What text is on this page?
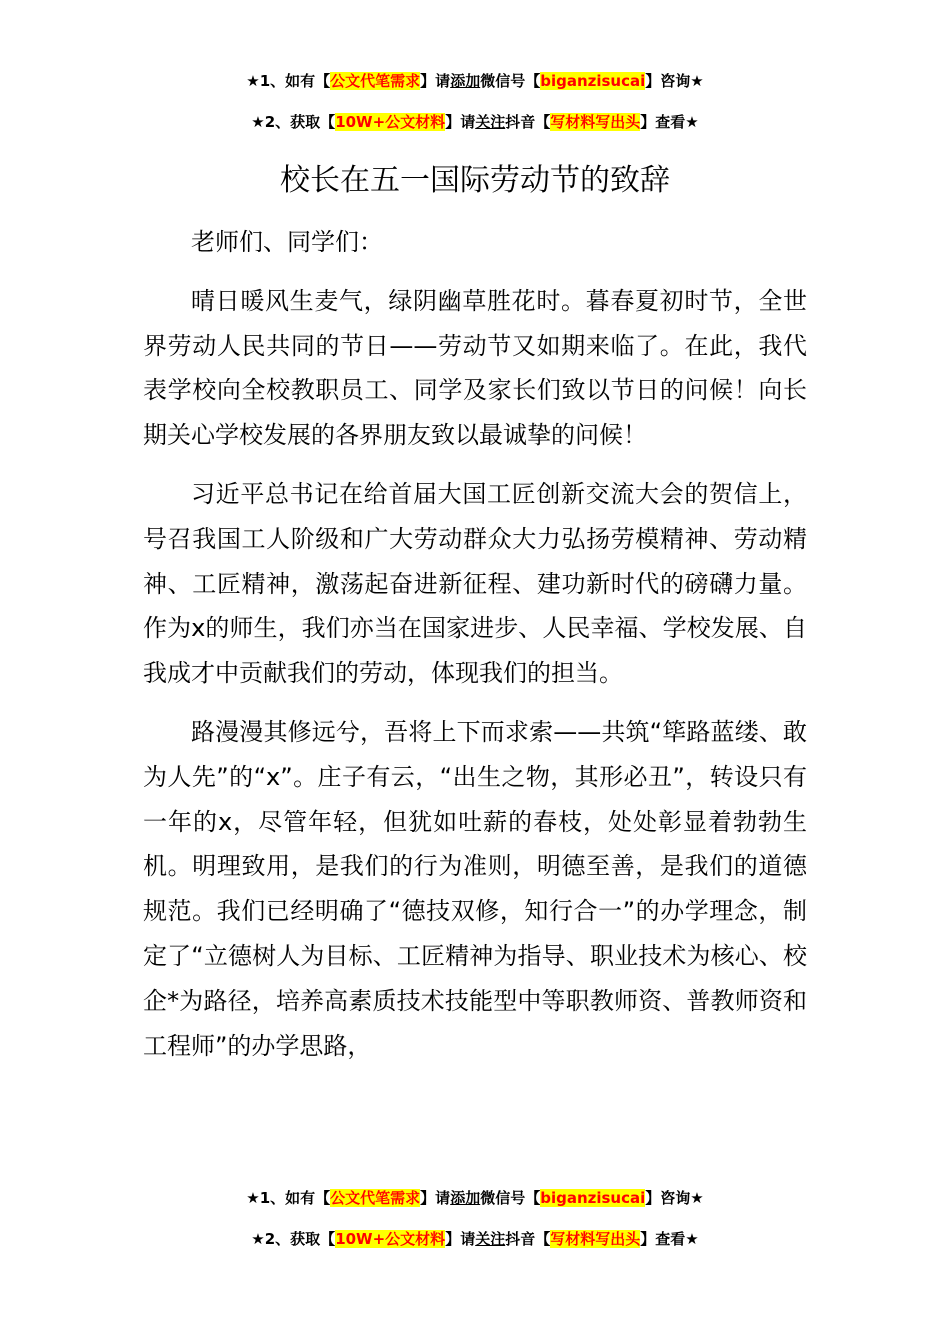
★1、如有【公文代笔需求】请添加微信号【biganzisucai】咨询★
★2、获取【10W+公文材料】请关注抖音【写材料写出头】查看★
校长在五一国际劳动节的致辞

老师们、同学们：

晴日暖风生麦气，绿阴幽草胜花时。暮春夏初时节，全世界劳动人民共同的节日——劳动节又如期来临了。在此，我代表学校向全校教职员工、同学及家长们致以节日的问候！向长期关心学校发展的各界朋友致以最诚挚的问候！

习近平总书记在给首届大国工匠创新交流大会的贺信上，号召我国工人阶级和广大劳动群众大力弘扬劳模精神、劳动精神、工匠精神，激荡起奋进新征程、建功新时代的磅礴力量。作为x的师生，我们亦当在国家进步、人民幸福、学校发展、自我成才中贡献我们的劳动，体现我们的担当。

路漫漫其修远兮，吾将上下而求索——共筑“筚路蓝缕、敢为人先”的“x”。庄子有云，“出生之物，其形必丑”，转设只有一年的x，尽管年轻，但犹如吐薪的春枝，处处彰显着勃勃生机。明理致用，是我们的行为准则，明德至善，是我们的道德规范。我们已经明确了“德技双修，知行合一”的办学理念，制定了“立德树人为目标、工匠精神为指导、职业技术为核心、校企*为路径，培养高素质技术技能型中等职教师资、普教师资和工程师”的办学思路，

★1、如有【公文代笔需求】请添加微信号【biganzisucai】咨询★
★2、获取【10W+公文材料】请关注抖音【写材料写出头】查看★
